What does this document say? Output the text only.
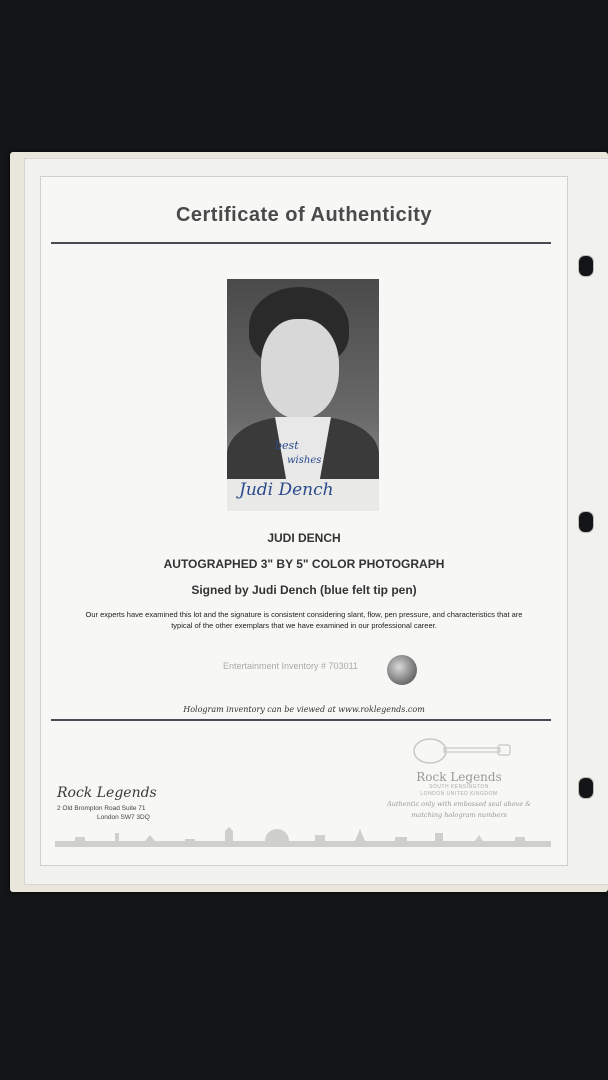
Certificate of Authenticity
best
wishes
Judi Dench
JUDI DENCH
AUTOGRAPHED 3" BY 5" COLOR PHOTOGRAPH
Signed by Judi Dench (blue felt tip pen)
Our experts have examined this lot and the signature is consistent considering slant, flow, pen pressure, and characteristics that are typical of the other exemplars that we have examined in our professional career.
Entertainment Inventory # 703011
Hologram inventory can be viewed at www.roklegends.com
Rock Legends
2 Old Brompton Road Suite 71
London SW7 3DQ
Rock Legends
SOUTH KENSINGTON
LONDON UNITED KINGDOM
Authentic only with embossed seal above &
matching hologram numbers
